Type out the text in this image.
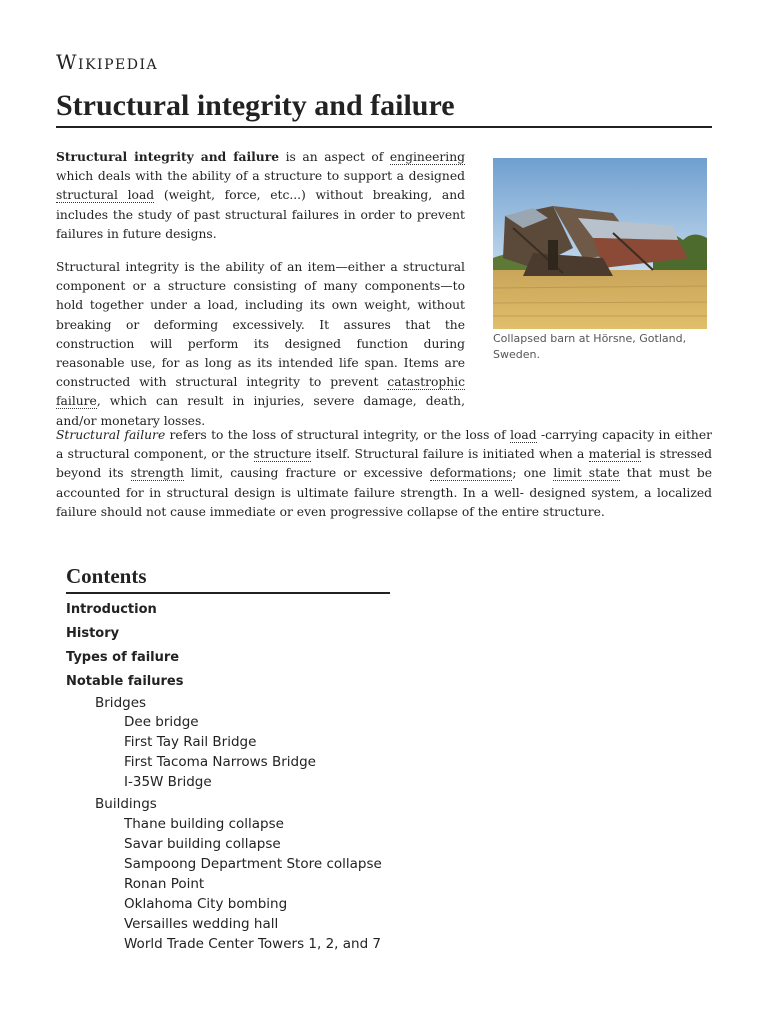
Wikipedia
Structural integrity and failure

Structural integrity and failure is an aspect of engineering which deals with the ability of a structure to support a designed structural load (weight, force, etc...) without breaking, and includes the study of past structural failures in order to prevent failures in future designs.

Structural integrity is the ability of an item—either a structural component or a structure consisting of many components—to hold together under a load, including its own weight, without breaking or deforming excessively. It assures that the construction will perform its designed function during reasonable use, for as long as its intended life span. Items are constructed with structural integrity to prevent catastrophic failure, which can result in injuries, severe damage, death, and/or monetary losses.

Collapsed barn at Hörsne, Gotland, Sweden.

Structural failure refers to the loss of structural integrity, or the loss of load -carrying capacity in either a structural component, or the structure itself. Structural failure is initiated when a material is stressed beyond its strength limit, causing fracture or excessive deformations; one limit state that must be accounted for in structural design is ultimate failure strength. In a well- designed system, a localized failure should not cause immediate or even progressive collapse of the entire structure.

Contents
Introduction
History
Types of failure
Notable failures
Bridges
Dee bridge
First Tay Rail Bridge
First Tacoma Narrows Bridge
I-35W Bridge
Buildings
Thane building collapse
Savar building collapse
Sampoong Department Store collapse
Ronan Point
Oklahoma City bombing
Versailles wedding hall
World Trade Center Towers 1, 2, and 7
